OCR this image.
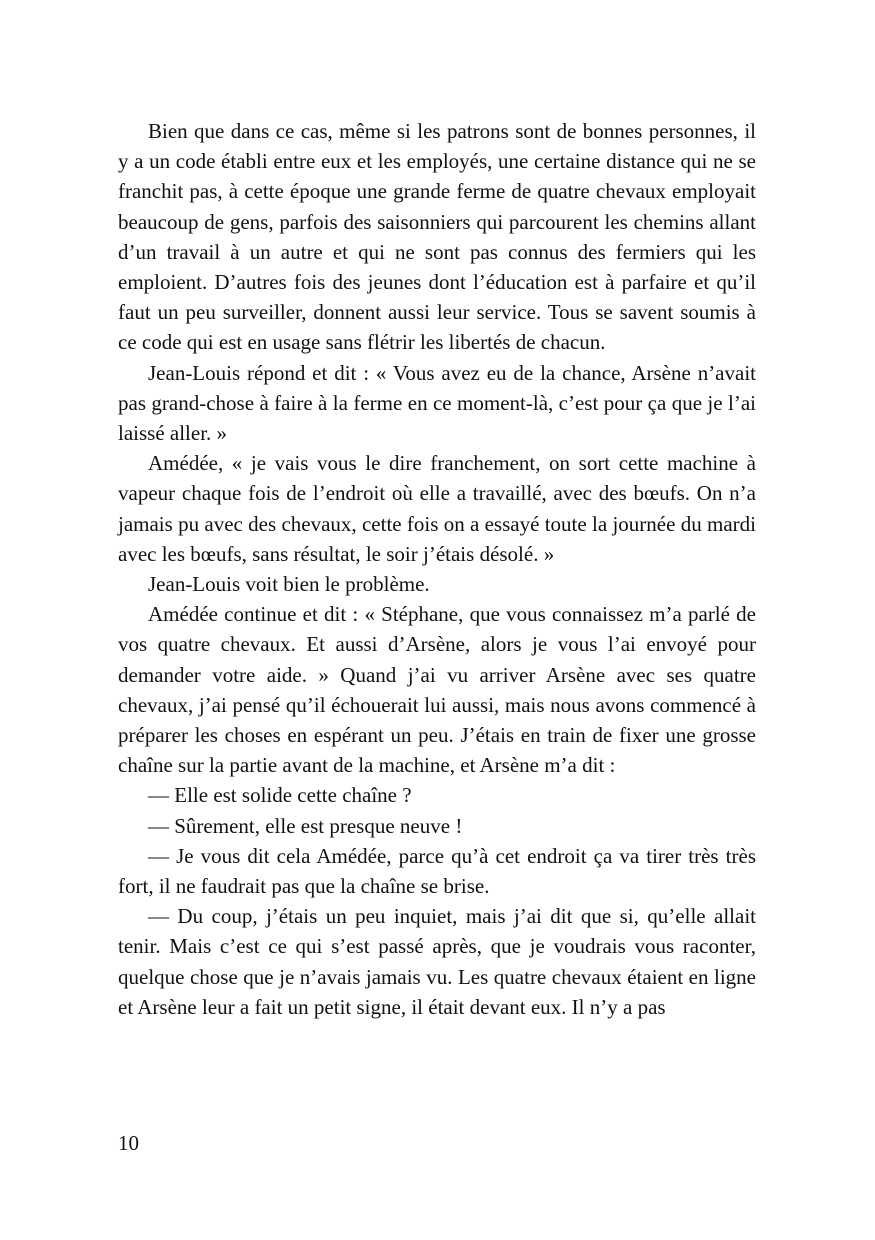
Bien que dans ce cas, même si les patrons sont de bonnes personnes, il y a un code établi entre eux et les employés, une certaine distance qui ne se franchit pas, à cette époque une grande ferme de quatre chevaux employait beaucoup de gens, parfois des saisonniers qui parcourent les chemins allant d’un travail à un autre et qui ne sont pas connus des fermiers qui les emploient. D’autres fois des jeunes dont l’éducation est à parfaire et qu’il faut un peu surveiller, donnent aussi leur service. Tous se savent soumis à ce code qui est en usage sans flétrir les libertés de chacun.

Jean-Louis répond et dit : « Vous avez eu de la chance, Arsène n’avait pas grand-chose à faire à la ferme en ce moment-là, c’est pour ça que je l’ai laissé aller. »

Amédée, « je vais vous le dire franchement, on sort cette machine à vapeur chaque fois de l’endroit où elle a travaillé, avec des bœufs. On n’a jamais pu avec des chevaux, cette fois on a essayé toute la journée du mardi avec les bœufs, sans résultat, le soir j’étais désolé. »

Jean-Louis voit bien le problème.

Amédée continue et dit : « Stéphane, que vous connaissez m’a parlé de vos quatre chevaux. Et aussi d’Arsène, alors je vous l’ai envoyé pour demander votre aide. » Quand j’ai vu arriver Arsène avec ses quatre chevaux, j’ai pensé qu’il échouerait lui aussi, mais nous avons commencé à préparer les choses en espérant un peu. J’étais en train de fixer une grosse chaîne sur la partie avant de la machine, et Arsène m’a dit :

— Elle est solide cette chaîne ?

— Sûrement, elle est presque neuve !

— Je vous dit cela Amédée, parce qu’à cet endroit ça va tirer très très fort, il ne faudrait pas que la chaîne se brise.

— Du coup, j’étais un peu inquiet, mais j’ai dit que si, qu’elle allait tenir. Mais c’est ce qui s’est passé après, que je voudrais vous raconter, quelque chose que je n’avais jamais vu. Les quatre chevaux étaient en ligne et Arsène leur a fait un petit signe, il était devant eux. Il n’y a pas

10
